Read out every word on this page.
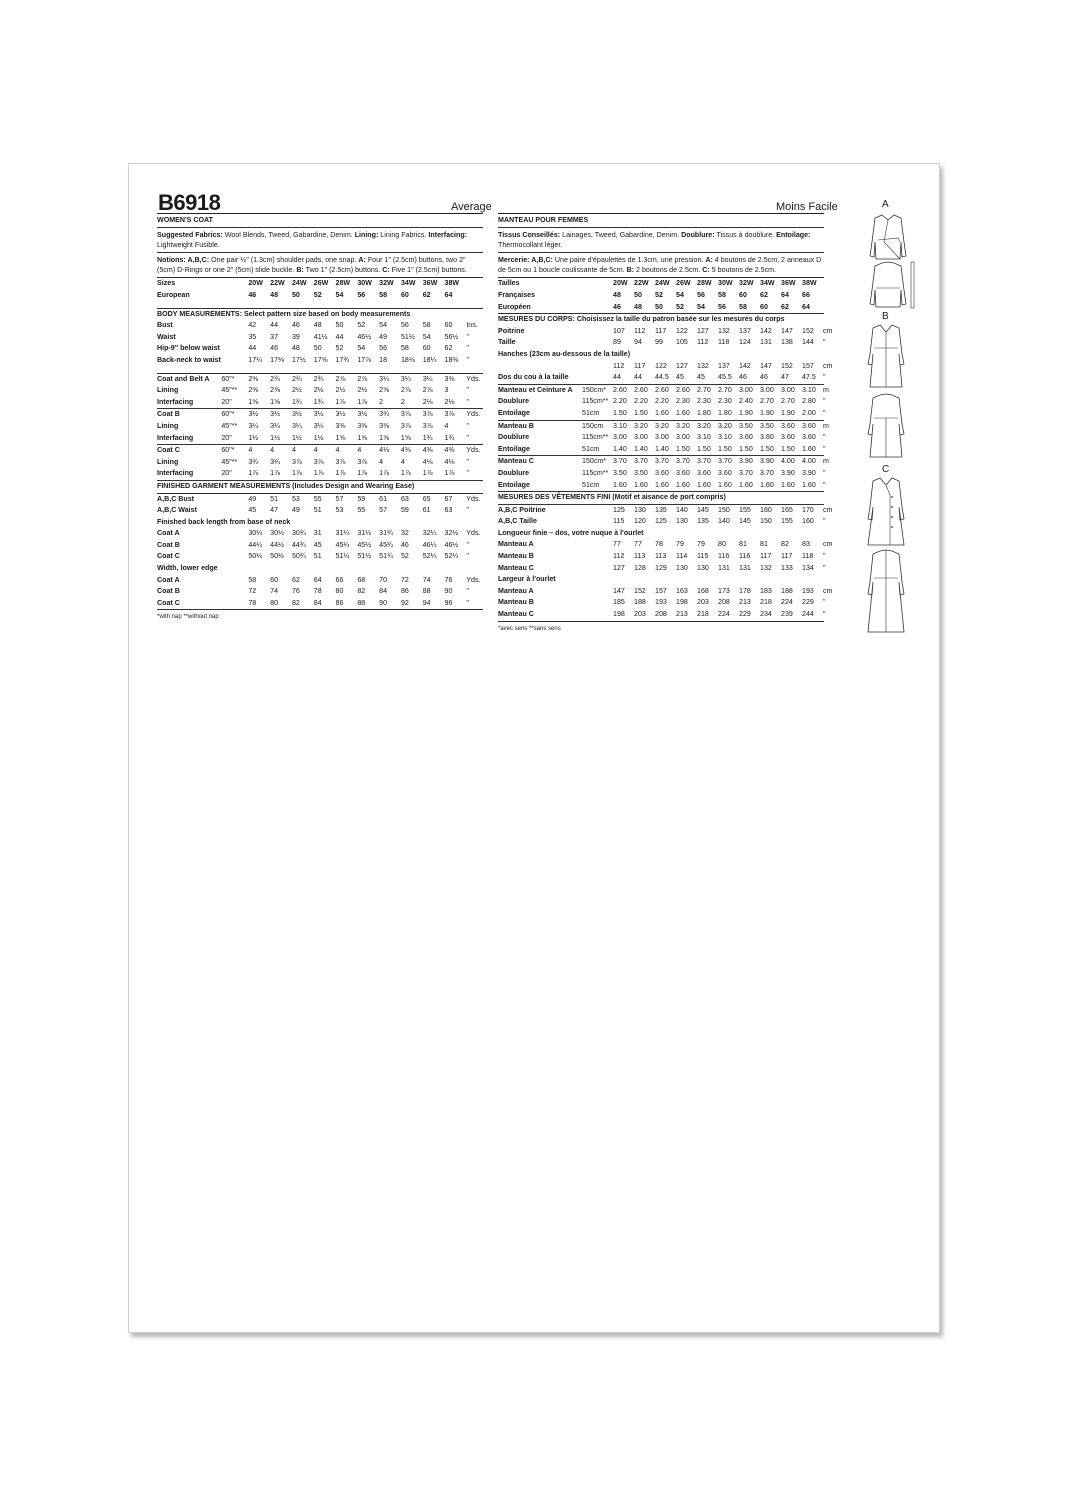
B6918	Average	Moins Facile
WOMEN'S COAT
Suggested Fabrics: Wool Blends, Tweed, Gabardine, Denim. Lining: Lining Fabrics. Interfacing: Lightweight Fusible.
Notions: A,B,C: One pair ½" (1.3cm) shoulder pads, one snap. A: Four 1" (2.5cm) buttons, two 2" (5cm) D-Rings or one 2" (5cm) slide buckle. B: Two 1" (2.5cm) buttons. C: Five 1" (2.5cm) buttons.
Sizes		20W	22W	24W	26W	28W	30W	32W	34W	36W	38W	
European		46	48	50	52	54	56	58	60	62	64	
BODY MEASUREMENTS: Select pattern size based on body measurements
Bust		42	44	46	48	50	52	54	56	58	60	Ins.
Waist		35	37	39	41½	44	46½	49	51½	54	56½	"
Hip-9" below waist		44	46	48	50	52	54	56	58	60	62	"
Back-neck to waist		17¼	17⅜	17½	17⅝	17¾	17⅞	18	18⅛	18¼	18⅜	"
Coat and Belt A	60"*	2⅜	2¾	2¾	2¾	2⅞	2⅞	3¼	3¼	3¼	3⅜	Yds.
Lining	45"**	2⅜	2⅜	2½	2½	2½	2½	2⅝	2⅞	2⅞	3	"
Interfacing	20"	1⅝	1⅝	1¾	1¾	1⅞	1⅞	2	2	2⅛	2⅛	"
Coat B	60"*	3½	3½	3½	3½	3½	3½	3¾	3⅞	3⅞	3⅞	Yds.
Lining	45"**	3¼	3¼	3¼	3¼	3⅜	3⅜	3⅜	3⅞	3⅞	4	"
Interfacing	20"	1½	1½	1½	1½	1⅝	1⅝	1⅝	1⅝	1¾	1¾	"
Coat C	60"*	4	4	4	4	4	4	4⅛	4⅜	4⅜	4⅜	Yds.
Lining	45"**	3¾	3¾	3⅞	3⅞	3⅞	3⅞	4	4	4⅛	4⅛	"
Interfacing	20"	1⅞	1⅞	1⅞	1⅞	1⅞	1⅞	1⅞	1⅞	1⅞	1⅞	"
FINISHED GARMENT MEASUREMENTS (Includes Design and Wearing Ease)
A,B,C Bust		49	51	53	55	57	59	61	63	65	67	Yds.
A,B,C Waist		45	47	49	51	53	55	57	59	61	63	"
Finished back length from base of neck
Coat A		30¼	30½	30¾	31	31¼	31½	31¾	32	32¼	32½	Yds.
Coat B		44¼	44½	44¾	45	45¼	45½	45¾	46	46¼	46½	"
Coat C		50¼	50½	50¾	51	51¼	51½	51¾	52	52¼	52¼	"
Width, lower edge
Coat A		58	60	62	64	66	68	70	72	74	76	Yds.
Coat B		72	74	76	78	80	82	84	86	88	90	"
Coat C		78	80	82	84	86	88	90	92	94	96	"
*with nap **without nap
MANTEAU POUR FEMMES
Tissus Conseillés: Lainages, Tweed, Gabardine, Denim. Doublure: Tissus à doublure. Entoilage: Thermocollant léger.
Mercerie: A,B,C: Une paire d'épaulettes de 1.3cm, une pression. A: 4 boutons de 2.5cm, 2 anneaux D de 5cm ou 1 boucle coulissante de 5cm. B: 2 boutons de 2.5cm. C: 5 boutons de 2.5cm.
Tailles		20W	22W	24W	26W	28W	30W	32W	34W	36W	38W	
Françaises		48	50	52	54	56	58	60	62	64	66	
Européen		46	48	50	52	54	56	58	60	62	64	
MESURES DU CORPS: Choisissez la taille du patron basée sur les mesures du corps
Poitrine		107	112	117	122	127	132	137	142	147	152	cm
Taille		89	94	99	105	112	118	124	131	138	144	"
Hanches (23cm au-dessous de la taille)
		112	117	122	127	132	137	142	147	152	157	cm
Dos du cou à la taille		44	44	44.5	45	45	45.5	46	46	47	47.5	"
Manteau et Ceinture A	150cm*	2.60	2.60	2.60	2.60	2.70	2.70	3.00	3.00	3.00	3.10	m
Doublure	115cm**	2.20	2.20	2.20	2.30	2.30	2.30	2.40	2.70	2.70	2.80	"
Entoilage	51cm	1.50	1.50	1.60	1.60	1.80	1.80	1.90	1.90	1.90	2.00	"
Manteau B	150cm	3.10	3.20	3.20	3.20	3.20	3.20	3.50	3.50	3.60	3.60	m
Doublure	115cm**	3.00	3.00	3.00	3.00	3.10	3.10	3.60	3.60	3.60	3.60	"
Entoilage	51cm	1.40	1.40	1.40	1.50	1.50	1.50	1.50	1.50	1.50	1.60	"
Manteau C	150cm*	3.70	3.70	3.70	3.70	3.70	3.70	3.90	3.90	4.00	4.00	m
Doublure	115cm**	3.50	3.50	3.60	3.60	3.60	3.60	3.70	3.70	3.90	3.90	"
Entoilage	51cm	1.60	1.60	1.60	1.60	1.60	1.60	1.60	1.60	1.60	1.60	"
MESURES DES VÊTEMENTS FINI (Motif et aisance de port compris)
A,B,C Poitrine		125	130	135	140	145	150	155	160	165	170	cm
A,B,C Taille		115	120	125	130	135	140	145	150	155	160	"
Longueur finie – dos, votre nuque à l'ourlet
Manteau A		77	77	78	79	79	80	81	81	82	83	cm
Manteau B		112	113	113	114	115	116	116	117	117	118	"
Manteau C		127	128	129	130	130	131	131	132	133	134	"
Largeur à l'ourlet
Manteau A		147	152	157	163	168	173	178	183	188	193	cm
Manteau B		185	188	193	198	203	208	213	218	224	229	"
Manteau C		198	203	208	213	218	224	229	234	239	244	"
*avec sens **sans sens
A
B
C
